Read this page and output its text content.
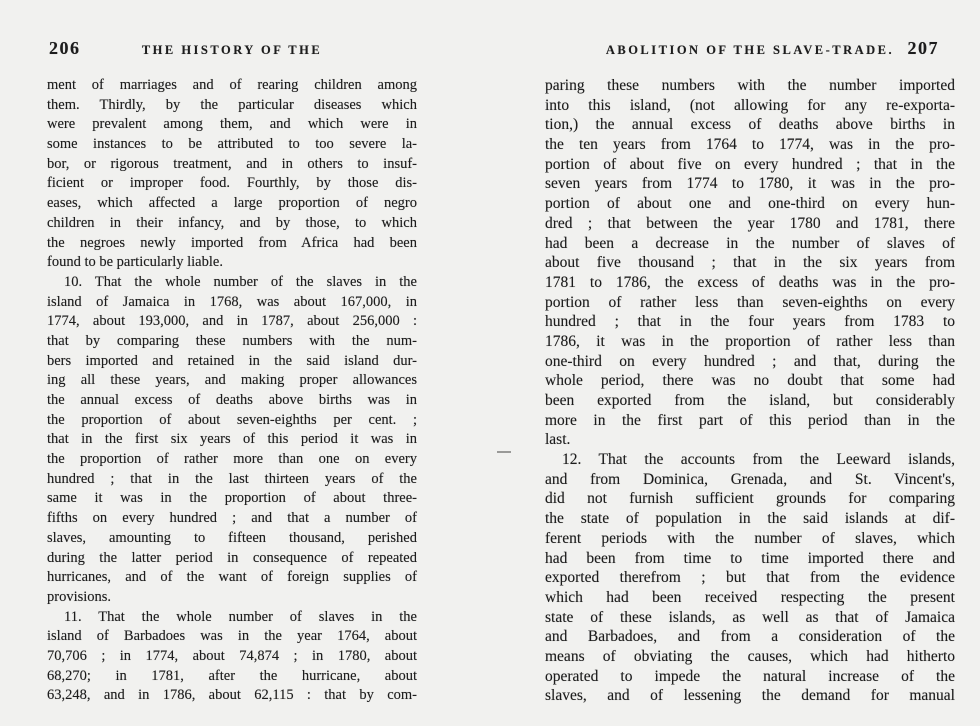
206	THE HISTORY OF THE
ment of marriages and of rearing children among
them. Thirdly, by the particular diseases which
were prevalent among them, and which were in
some instances to be attributed to too severe la-
bor, or rigorous treatment, and in others to insuf-
ficient or improper food. Fourthly, by those dis-
eases, which affected a large proportion of negro
children in their infancy, and by those, to which
the negroes newly imported from Africa had been
found to be particularly liable.
10. That the whole number of the slaves in the
island of Jamaica in 1768, was about 167,000, in
1774, about 193,000, and in 1787, about 256,000 :
that by comparing these numbers with the num-
bers imported and retained in the said island dur-
ing all these years, and making proper allowances
the annual excess of deaths above births was in
the proportion of about seven-eighths per cent. ;
that in the first six years of this period it was in
the proportion of rather more than one on every
hundred ; that in the last thirteen years of the
same it was in the proportion of about three-
fifths on every hundred ; and that a number of
slaves, amounting to fifteen thousand, perished
during the latter period in consequence of repeated
hurricanes, and of the want of foreign supplies of
provisions.
11. That the whole number of slaves in the
island of Barbadoes was in the year 1764, about
70,706 ; in 1774, about 74,874 ; in 1780, about
68,270; in 1781, after the hurricane, about
63,248, and in 1786, about 62,115 : that by com-
ABOLITION OF THE SLAVE-TRADE. 207
paring these numbers with the number imported
into this island, (not allowing for any re-exporta-
tion,) the annual excess of deaths above births in
the ten years from 1764 to 1774, was in the pro-
portion of about five on every hundred ; that in the
seven years from 1774 to 1780, it was in the pro-
portion of about one and one-third on every hun-
dred ; that between the year 1780 and 1781, there
had been a decrease in the number of slaves of
about five thousand ; that in the six years from
1781 to 1786, the excess of deaths was in the pro-
portion of rather less than seven-eighths on every
hundred ; that in the four years from 1783 to
1786, it was in the proportion of rather less than
one-third on every hundred ; and that, during the
whole period, there was no doubt that some had
been exported from the island, but considerably
more in the first part of this period than in the
last.
12. That the accounts from the Leeward islands,
and from Dominica, Grenada, and St. Vincent's,
did not furnish sufficient grounds for comparing
the state of population in the said islands at dif-
ferent periods with the number of slaves, which
had been from time to time imported there and
exported therefrom ; but that from the evidence
which had been received respecting the present
state of these islands, as well as that of Jamaica
and Barbadoes, and from a consideration of the
means of obviating the causes, which had hitherto
operated to impede the natural increase of the
slaves, and of lessening the demand for manual
